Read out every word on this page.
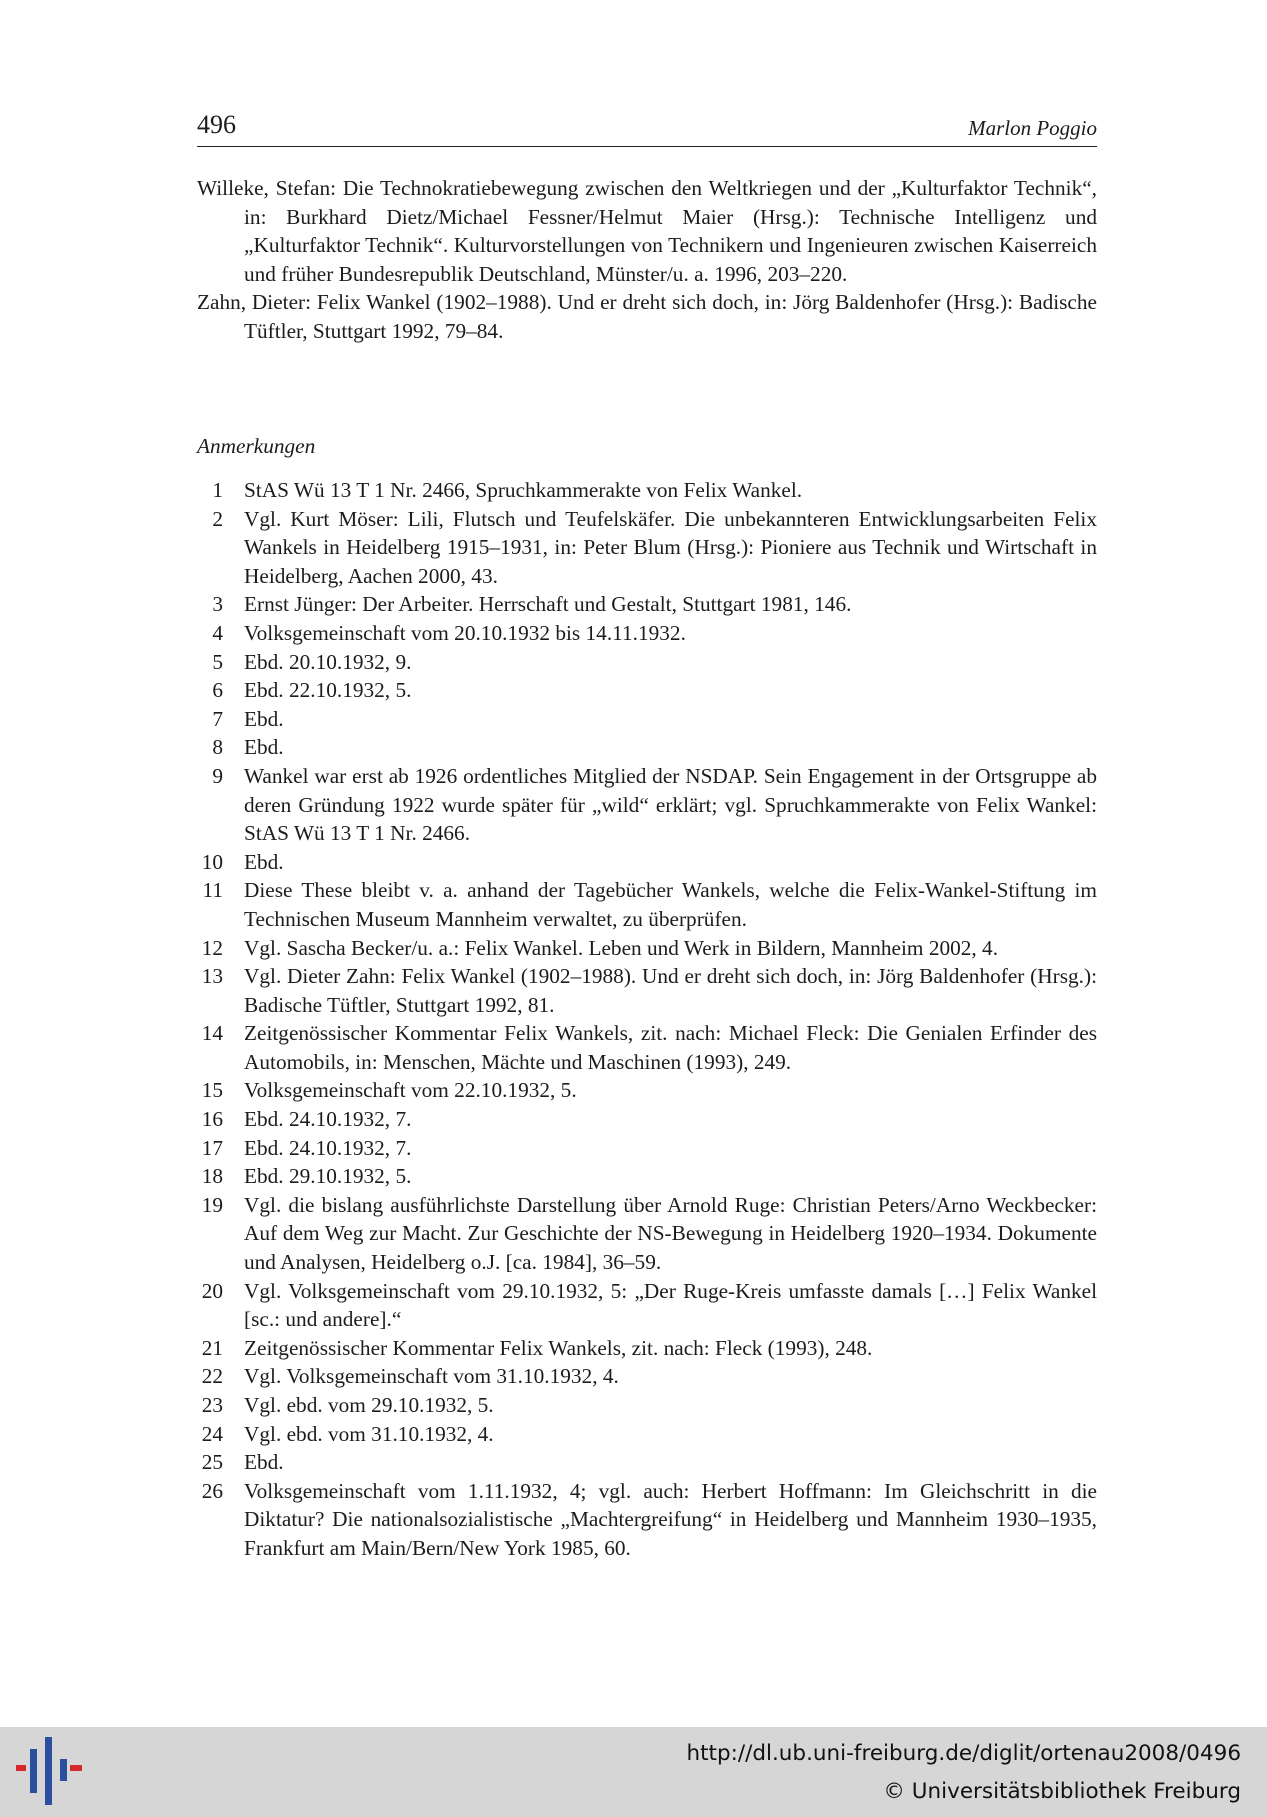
496	Marlon Poggio

Willeke, Stefan: Die Technokratiebewegung zwischen den Weltkriegen und der „Kulturfaktor Technik“, in: Burkhard Dietz/Michael Fessner/Helmut Maier (Hrsg.): Technische Intelligenz und „Kulturfaktor Technik“. Kulturvorstellungen von Technikern und Ingenieuren zwischen Kaiserreich und früher Bundesrepublik Deutschland, Münster/u. a. 1996, 203–220.

Zahn, Dieter: Felix Wankel (1902–1988). Und er dreht sich doch, in: Jörg Baldenhofer (Hrsg.): Badische Tüftler, Stuttgart 1992, 79–84.

Anmerkungen
1 StAS Wü 13 T 1 Nr. 2466, Spruchkammerakte von Felix Wankel.
2 Vgl. Kurt Möser: Lili, Flutsch und Teufelskäfer. Die unbekannteren Entwicklungsarbeiten Felix Wankels in Heidelberg 1915–1931, in: Peter Blum (Hrsg.): Pioniere aus Technik und Wirtschaft in Heidelberg, Aachen 2000, 43.
3 Ernst Jünger: Der Arbeiter. Herrschaft und Gestalt, Stuttgart 1981, 146.
4 Volksgemeinschaft vom 20.10.1932 bis 14.11.1932.
5 Ebd. 20.10.1932, 9.
6 Ebd. 22.10.1932, 5.
7 Ebd.
8 Ebd.
9 Wankel war erst ab 1926 ordentliches Mitglied der NSDAP. Sein Engagement in der Ortsgruppe ab deren Gründung 1922 wurde später für „wild“ erklärt; vgl. Spruchkammerakte von Felix Wankel: StAS Wü 13 T 1 Nr. 2466.
10 Ebd.
11 Diese These bleibt v. a. anhand der Tagebücher Wankels, welche die Felix-Wankel-Stiftung im Technischen Museum Mannheim verwaltet, zu überprüfen.
12 Vgl. Sascha Becker/u. a.: Felix Wankel. Leben und Werk in Bildern, Mannheim 2002, 4.
13 Vgl. Dieter Zahn: Felix Wankel (1902–1988). Und er dreht sich doch, in: Jörg Baldenhofer (Hrsg.): Badische Tüftler, Stuttgart 1992, 81.
14 Zeitgenössischer Kommentar Felix Wankels, zit. nach: Michael Fleck: Die Genialen Erfinder des Automobils, in: Menschen, Mächte und Maschinen (1993), 249.
15 Volksgemeinschaft vom 22.10.1932, 5.
16 Ebd. 24.10.1932, 7.
17 Ebd. 24.10.1932, 7.
18 Ebd. 29.10.1932, 5.
19 Vgl. die bislang ausführlichste Darstellung über Arnold Ruge: Christian Peters/Arno Weckbecker: Auf dem Weg zur Macht. Zur Geschichte der NS-Bewegung in Heidelberg 1920–1934. Dokumente und Analysen, Heidelberg o.J. [ca. 1984], 36–59.
20 Vgl. Volksgemeinschaft vom 29.10.1932, 5: „Der Ruge-Kreis umfasste damals […] Felix Wankel [sc.: und andere].“
21 Zeitgenössischer Kommentar Felix Wankels, zit. nach: Fleck (1993), 248.
22 Vgl. Volksgemeinschaft vom 31.10.1932, 4.
23 Vgl. ebd. vom 29.10.1932, 5.
24 Vgl. ebd. vom 31.10.1932, 4.
25 Ebd.
26 Volksgemeinschaft vom 1.11.1932, 4; vgl. auch: Herbert Hoffmann: Im Gleichschritt in die Diktatur? Die nationalsozialistische „Machtergreifung“ in Heidelberg und Mannheim 1930–1935, Frankfurt am Main/Bern/New York 1985, 60.
http://dl.ub.uni-freiburg.de/diglit/ortenau2008/0496
© Universitätsbibliothek Freiburg
